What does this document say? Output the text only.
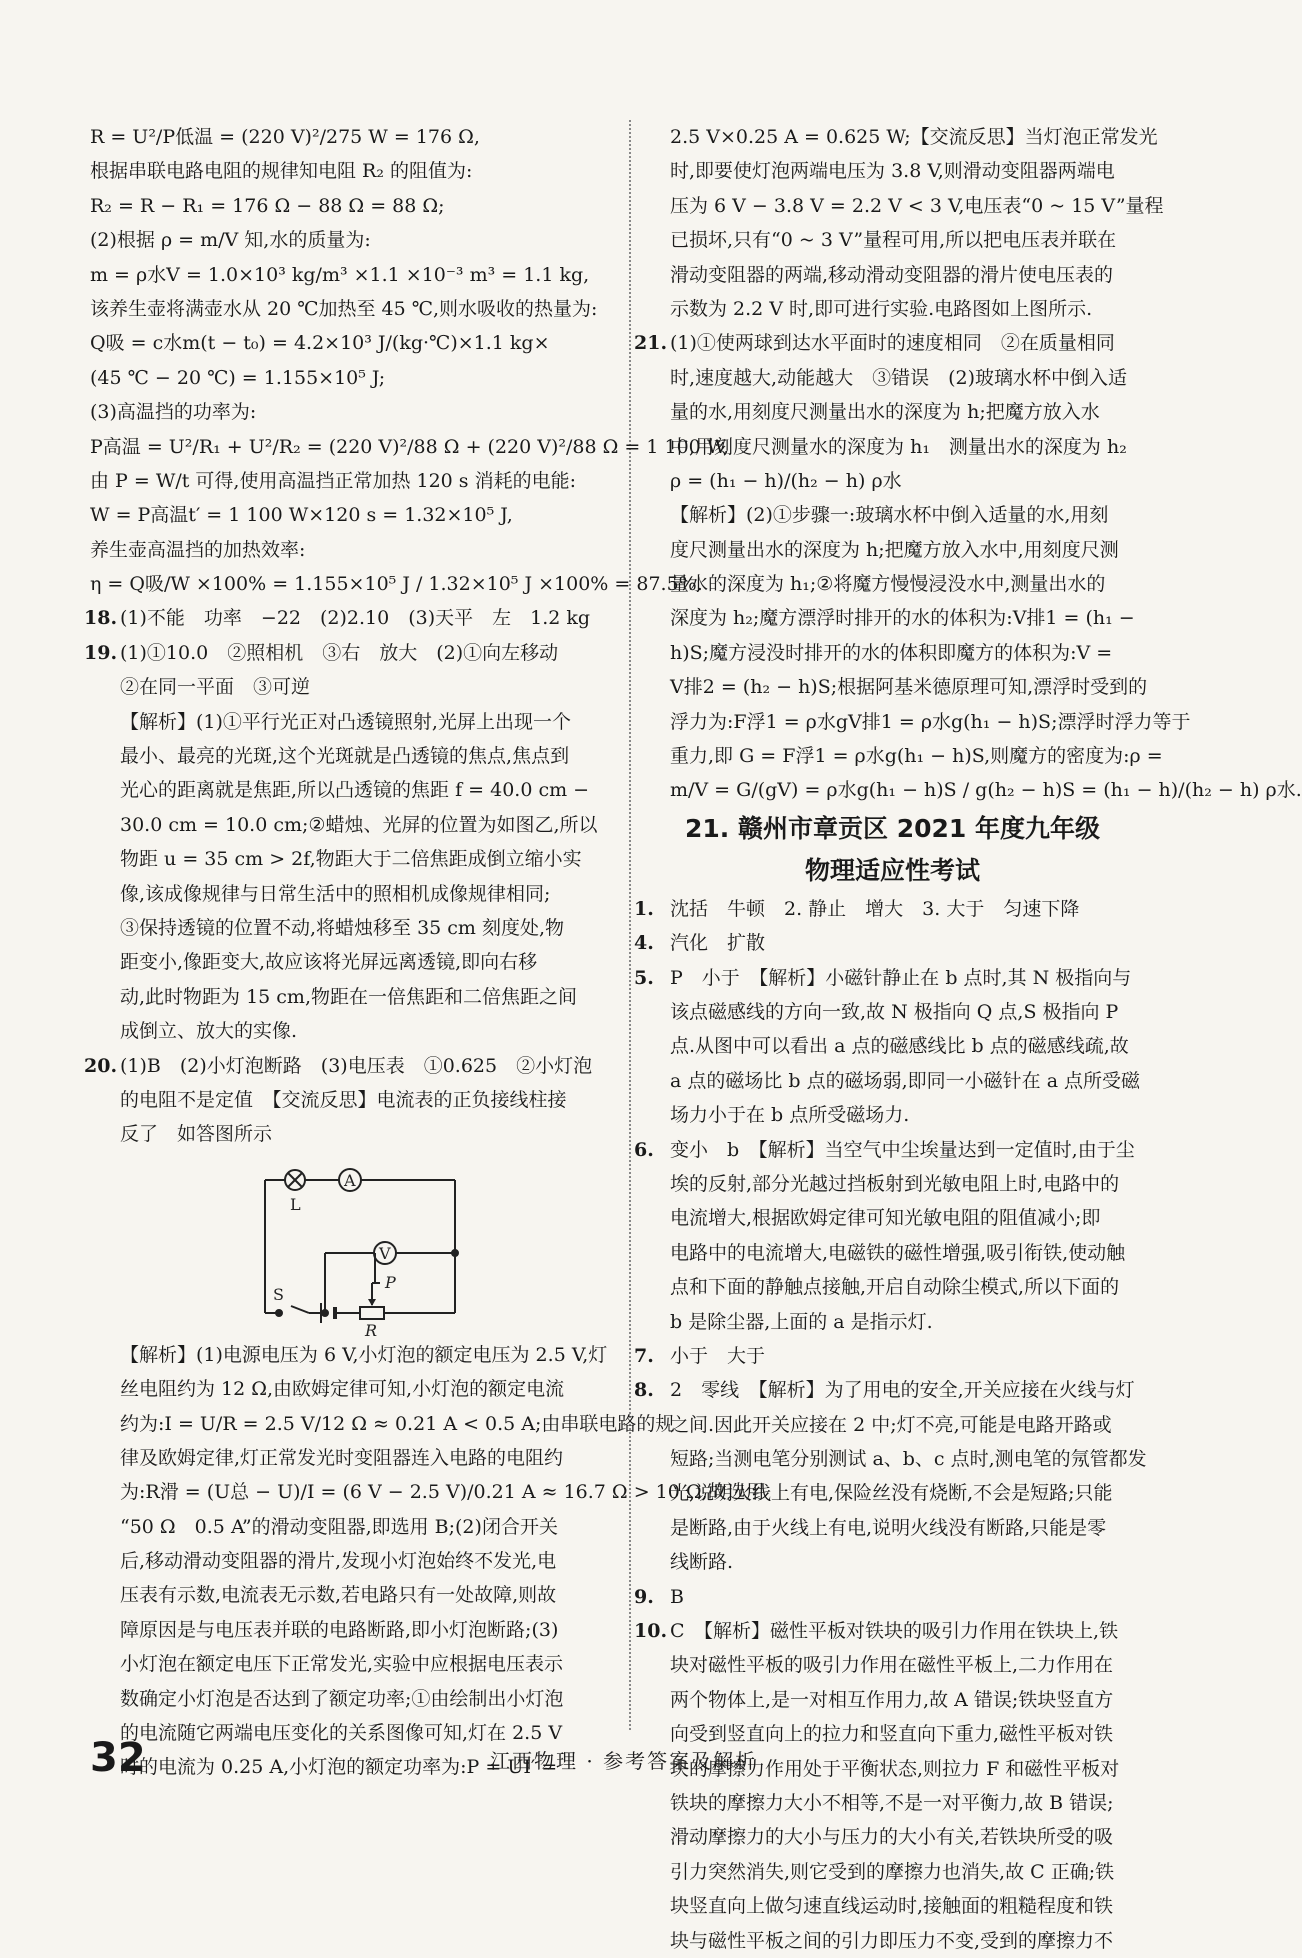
R = U²/P低温 = (220 V)²/275 W = 176 Ω,
根据串联电路电阻的规律知电阻 R₂ 的阻值为:
R₂ = R − R₁ = 176 Ω − 88 Ω = 88 Ω;
(2)根据 ρ = m/V 知,水的质量为:
m = ρ水V = 1.0×10³ kg/m³ ×1.1 ×10⁻³ m³ = 1.1 kg,
该养生壶将满壶水从 20 ℃加热至 45 ℃,则水吸收的热量为:
Q吸 = c水m(t − t₀) = 4.2×10³ J/(kg·℃)×1.1 kg×
(45 ℃ − 20 ℃) = 1.155×10⁵ J;
(3)高温挡的功率为:
P高温 = U²/R₁ + U²/R₂ = (220 V)²/88 Ω + (220 V)²/88 Ω = 1 100 W,
由 P = W/t 可得,使用高温挡正常加热 120 s 消耗的电能:
W = P高温t′ = 1 100 W×120 s = 1.32×10⁵ J,
养生壶高温挡的加热效率:
η = Q吸/W ×100% = 1.155×10⁵ J / 1.32×10⁵ J ×100% = 87.5%.
18. (1)不能　功率　−22　(2)2.10　(3)天平　左　1.2 kg
19. (1)①10.0　②照相机　③右　放大　(2)①向左移动
②在同一平面　③可逆
【解析】(1)①平行光正对凸透镜照射,光屏上出现一个
最小、最亮的光斑,这个光斑就是凸透镜的焦点,焦点到
光心的距离就是焦距,所以凸透镜的焦距 f = 40.0 cm −
30.0 cm = 10.0 cm;②蜡烛、光屏的位置为如图乙,所以
物距 u = 35 cm > 2f,物距大于二倍焦距成倒立缩小实
像,该成像规律与日常生活中的照相机成像规律相同;
③保持透镜的位置不动,将蜡烛移至 35 cm 刻度处,物
距变小,像距变大,故应该将光屏远离透镜,即向右移
动,此时物距为 15 cm,物距在一倍焦距和二倍焦距之间
成倒立、放大的实像.
20. (1)B　(2)小灯泡断路　(3)电压表　①0.625　②小灯泡
的电阻不是定值　【交流反思】电流表的正负接线柱接
反了　如答图所示
L
A
V
S
P
R
【解析】(1)电源电压为 6 V,小灯泡的额定电压为 2.5 V,灯
丝电阻约为 12 Ω,由欧姆定律可知,小灯泡的额定电流
约为:I = U/R = 2.5 V/12 Ω ≈ 0.21 A < 0.5 A;由串联电路的规
律及欧姆定律,灯正常发光时变阻器连入电路的电阻约
为:R滑 = (U总 − U)/I = (6 V − 2.5 V)/0.21 A ≈ 16.7 Ω > 10 Ω,故选用
“50 Ω　0.5 A”的滑动变阻器,即选用 B;(2)闭合开关
后,移动滑动变阻器的滑片,发现小灯泡始终不发光,电
压表有示数,电流表无示数,若电路只有一处故障,则故
障原因是与电压表并联的电路断路,即小灯泡断路;(3)
小灯泡在额定电压下正常发光,实验中应根据电压表示
数确定小灯泡是否达到了额定功率;①由绘制出小灯泡
的电流随它两端电压变化的关系图像可知,灯在 2.5 V
时的电流为 0.25 A,小灯泡的额定功率为:P = UI′ =
2.5 V×0.25 A = 0.625 W;【交流反思】当灯泡正常发光
时,即要使灯泡两端电压为 3.8 V,则滑动变阻器两端电
压为 6 V − 3.8 V = 2.2 V < 3 V,电压表“0 ~ 15 V”量程
已损坏,只有“0 ~ 3 V”量程可用,所以把电压表并联在
滑动变阻器的两端,移动滑动变阻器的滑片使电压表的
示数为 2.2 V 时,即可进行实验.电路图如上图所示.
21. (1)①使两球到达水平面时的速度相同　②在质量相同
时,速度越大,动能越大　③错误　(2)玻璃水杯中倒入适
量的水,用刻度尺测量出水的深度为 h;把魔方放入水
中,用刻度尺测量水的深度为 h₁　测量出水的深度为 h₂
ρ = (h₁ − h)/(h₂ − h) ρ水
【解析】(2)①步骤一:玻璃水杯中倒入适量的水,用刻
度尺测量出水的深度为 h;把魔方放入水中,用刻度尺测
量水的深度为 h₁;②将魔方慢慢浸没水中,测量出水的
深度为 h₂;魔方漂浮时排开的水的体积为:V排1 = (h₁ −
h)S;魔方浸没时排开的水的体积即魔方的体积为:V =
V排2 = (h₂ − h)S;根据阿基米德原理可知,漂浮时受到的
浮力为:F浮1 = ρ水gV排1 = ρ水g(h₁ − h)S;漂浮时浮力等于
重力,即 G = F浮1 = ρ水g(h₁ − h)S,则魔方的密度为:ρ =
m/V = G/(gV) = ρ水g(h₁ − h)S / g(h₂ − h)S = (h₁ − h)/(h₂ − h) ρ水.
21. 赣州市章贡区 2021 年度九年级
物理适应性考试
1. 沈括　牛顿　2. 静止　增大　3. 大于　匀速下降
4. 汽化　扩散
5. P　小于　【解析】小磁针静止在 b 点时,其 N 极指向与
该点磁感线的方向一致,故 N 极指向 Q 点,S 极指向 P
点.从图中可以看出 a 点的磁感线比 b 点的磁感线疏,故
a 点的磁场比 b 点的磁场弱,即同一小磁针在 a 点所受磁
场力小于在 b 点所受磁场力.
6. 变小　b　【解析】当空气中尘埃量达到一定值时,由于尘
埃的反射,部分光越过挡板射到光敏电阻上时,电路中的
电流增大,根据欧姆定律可知光敏电阻的阻值减小;即
电路中的电流增大,电磁铁的磁性增强,吸引衔铁,使动触
点和下面的静触点接触,开启自动除尘模式,所以下面的
b 是除尘器,上面的 a 是指示灯.
7. 小于　大于
8. 2　零线　【解析】为了用电的安全,开关应接在火线与灯
之间.因此开关应接在 2 中;灯不亮,可能是电路开路或
短路;当测电笔分别测试 a、b、c 点时,测电笔的氖管都发
光,说明火线上有电,保险丝没有烧断,不会是短路;只能
是断路,由于火线上有电,说明火线没有断路,只能是零
线断路.
9. B
10. C　【解析】磁性平板对铁块的吸引力作用在铁块上,铁
块对磁性平板的吸引力作用在磁性平板上,二力作用在
两个物体上,是一对相互作用力,故 A 错误;铁块竖直方
向受到竖直向上的拉力和竖直向下重力,磁性平板对铁
块的摩擦力作用处于平衡状态,则拉力 F 和磁性平板对
铁块的摩擦力大小不相等,不是一对平衡力,故 B 错误;
滑动摩擦力的大小与压力的大小有关,若铁块所受的吸
引力突然消失,则它受到的摩擦力也消失,故 C 正确;铁
块竖直向上做匀速直线运动时,接触面的粗糙程度和铁
块与磁性平板之间的引力即压力不变,受到的摩擦力不
32	江西物理 · 参考答案及解析
